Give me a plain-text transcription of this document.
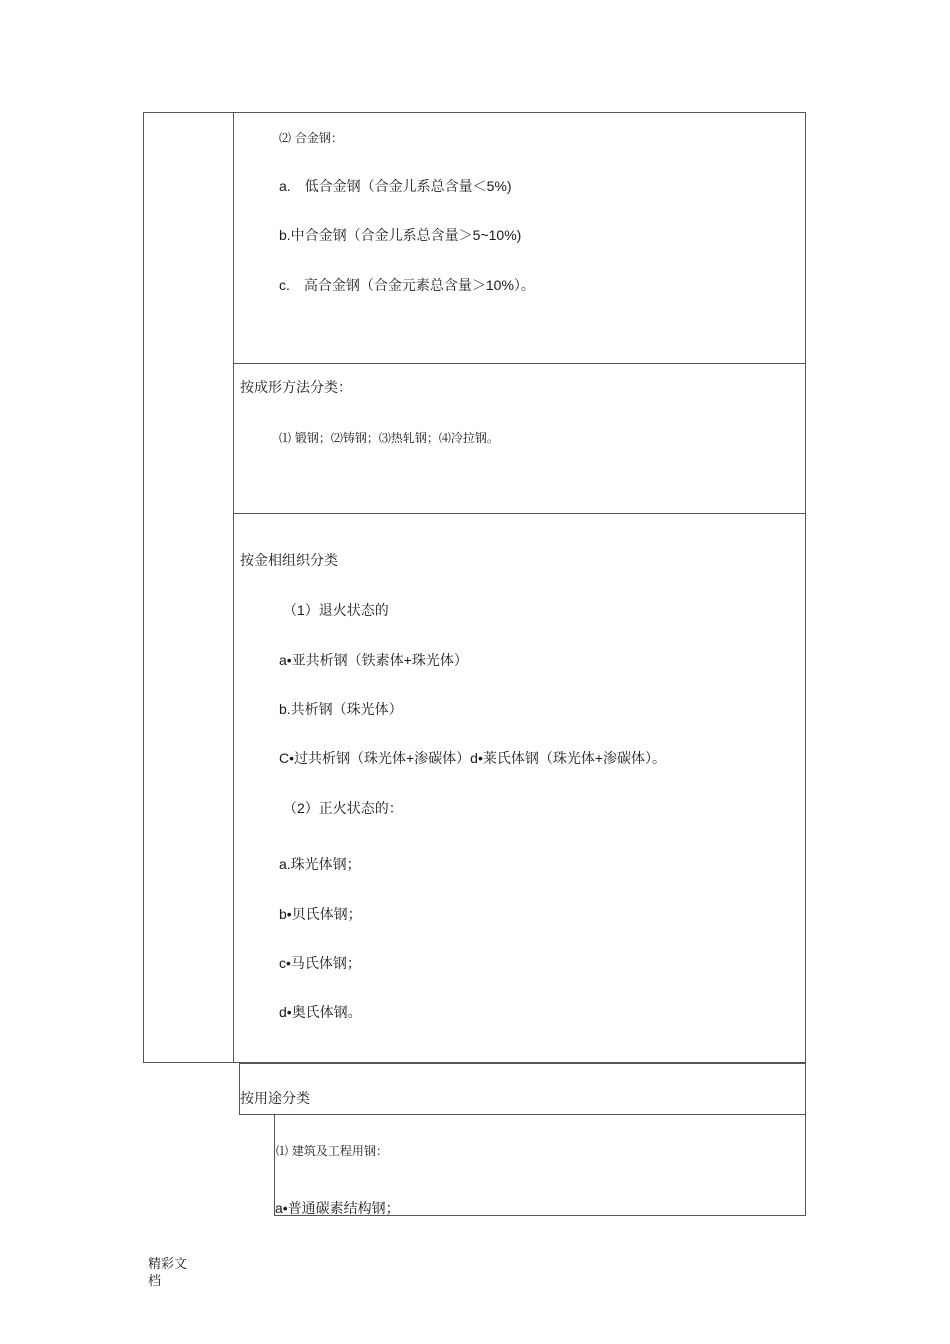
⑵ 合金钢：
a. 低合金钢（合金儿系总含量＜5%)
b.中合金钢（合金儿系总含量＞5~10%)
c. 高合金钢（合金元素总含量＞10%）。
按成形方法分类：
⑴ 锻钢；⑵铸钢；⑶热轧钢；⑷冷拉钢。
按金相组织分类
（1）退火状态的
a•亚共析钢（铁素体+珠光体）
b.共析钢（珠光体）
C•过共析钢（珠光体+渗碳体）d•莱氏体钢（珠光体+渗碳体）。
（2）正火状态的：
a.珠光体钢；
b•贝氏体钢；
c•马氏体钢；
d•奥氏体钢。
按用途分类
⑴ 建筑及工程用钢：
a•普通碳素结构钢；
精彩文
档
